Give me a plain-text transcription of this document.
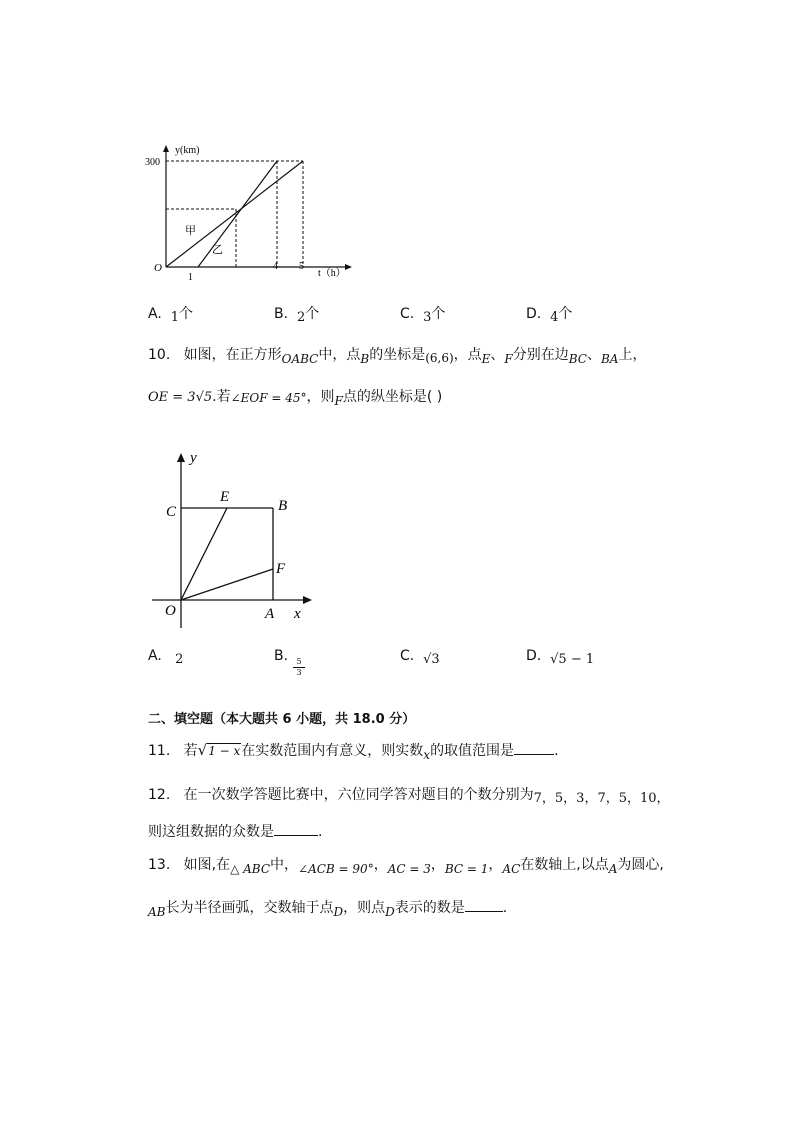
y(km)
300
O
1
4 5
t（h）
甲
乙
A. 1个	B. 2个	C. 3个	D. 4个
10. 如图，在正方形OABC中，点B的坐标是(6,6)，点E、F分别在边BC、BA上，
OE = 3√5.若∠EOF = 45°，则F点的纵坐标是( )
y
x
O	A
B
C
E
F
A. 2	B.	5
3
C. √3	D. √5 − 1
二、填空题（本大题共 6 小题，共 18.0 分）
11. 若√1 − x在实数范围内有意义，则实数x的取值范围是	.
12. 在一次数学答题比赛中，六位同学答对题目的个数分别为7，5，3，7，5，10，
则这组数据的众数是	.
13. 如图,在△ ABC中，∠ACB = 90°，AC = 3，BC = 1，AC在数轴上,以点A为圆心,
AB长为半径画弧，交数轴于点D，则点D表示的数是	.
